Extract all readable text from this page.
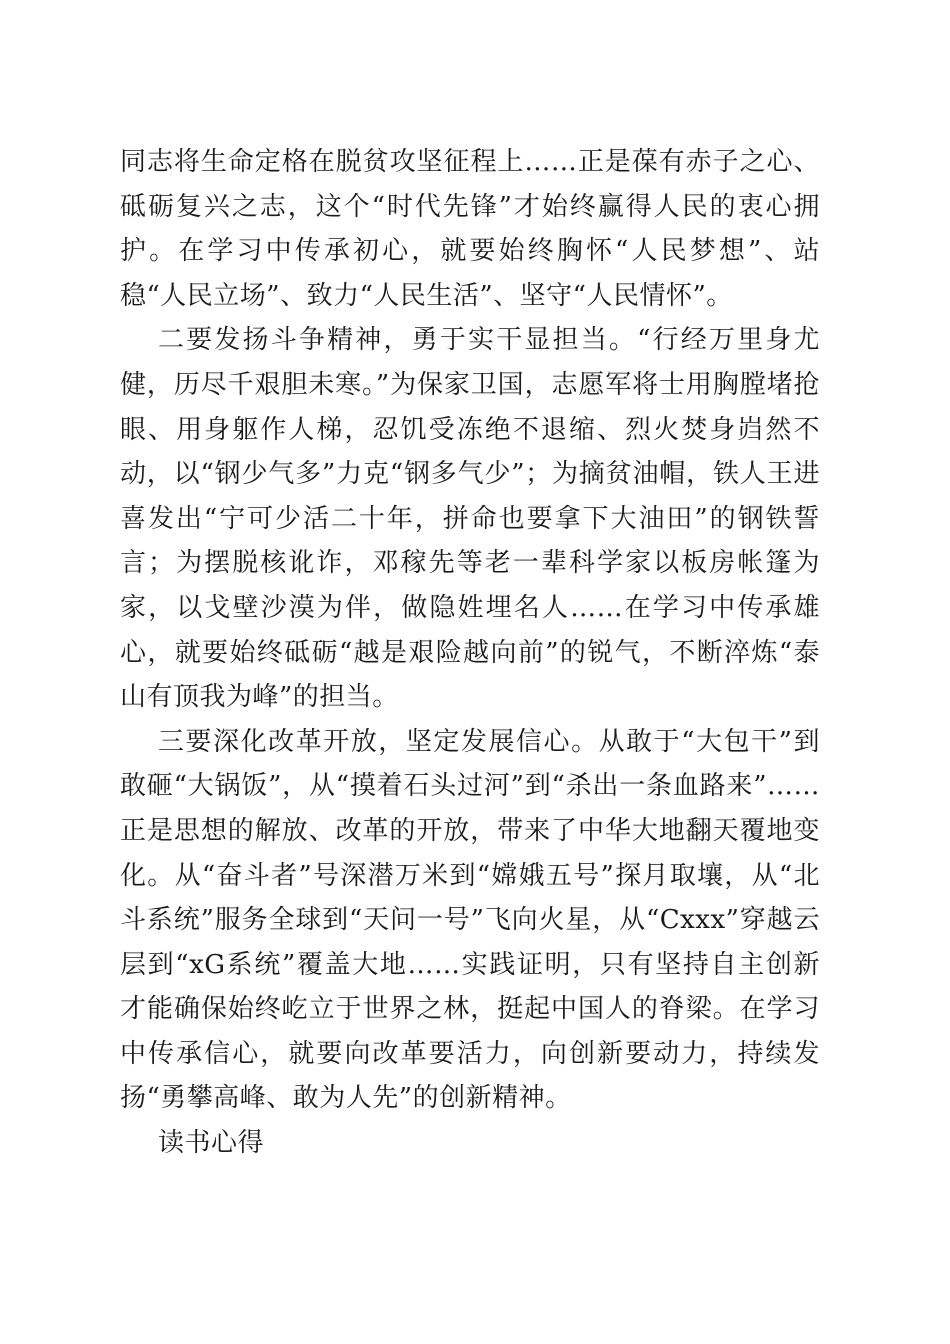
同志将生命定格在脱贫攻坚征程上……正是葆有赤子之心、砥砺复兴之志，这个“时代先锋”才始终赢得人民的衷心拥护。在学习中传承初心，就要始终胸怀“人民梦想”、站稳“人民立场”、致力“人民生活”、坚守“人民情怀”。

二要发扬斗争精神，勇于实干显担当。“行经万里身尤健，历尽千艰胆未寒。”为保家卫国，志愿军将士用胸膛堵抢眼、用身躯作人梯，忍饥受冻绝不退缩、烈火焚身岿然不动，以“钢少气多”力克“钢多气少”；为摘贫油帽，铁人王进喜发出“宁可少活二十年，拼命也要拿下大油田”的钢铁誓言；为摆脱核讹诈，邓稼先等老一辈科学家以板房帐篷为家，以戈壁沙漠为伴，做隐姓埋名人……在学习中传承雄心，就要始终砥砺“越是艰险越向前”的锐气，不断淬炼“泰山有顶我为峰”的担当。

三要深化改革开放，坚定发展信心。从敢于“大包干”到敢砸“大锅饭”，从“摸着石头过河”到“杀出一条血路来”……正是思想的解放、改革的开放，带来了中华大地翻天覆地变化。从“奋斗者”号深潜万米到“嫦娥五号”探月取壤，从“北斗系统”服务全球到“天问一号”飞向火星，从“Cxxx”穿越云层到“xG系统”覆盖大地……实践证明，只有坚持自主创新才能确保始终屹立于世界之林，挺起中国人的脊梁。在学习中传承信心，就要向改革要活力，向创新要动力，持续发扬“勇攀高峰、敢为人先”的创新精神。

读书心得
